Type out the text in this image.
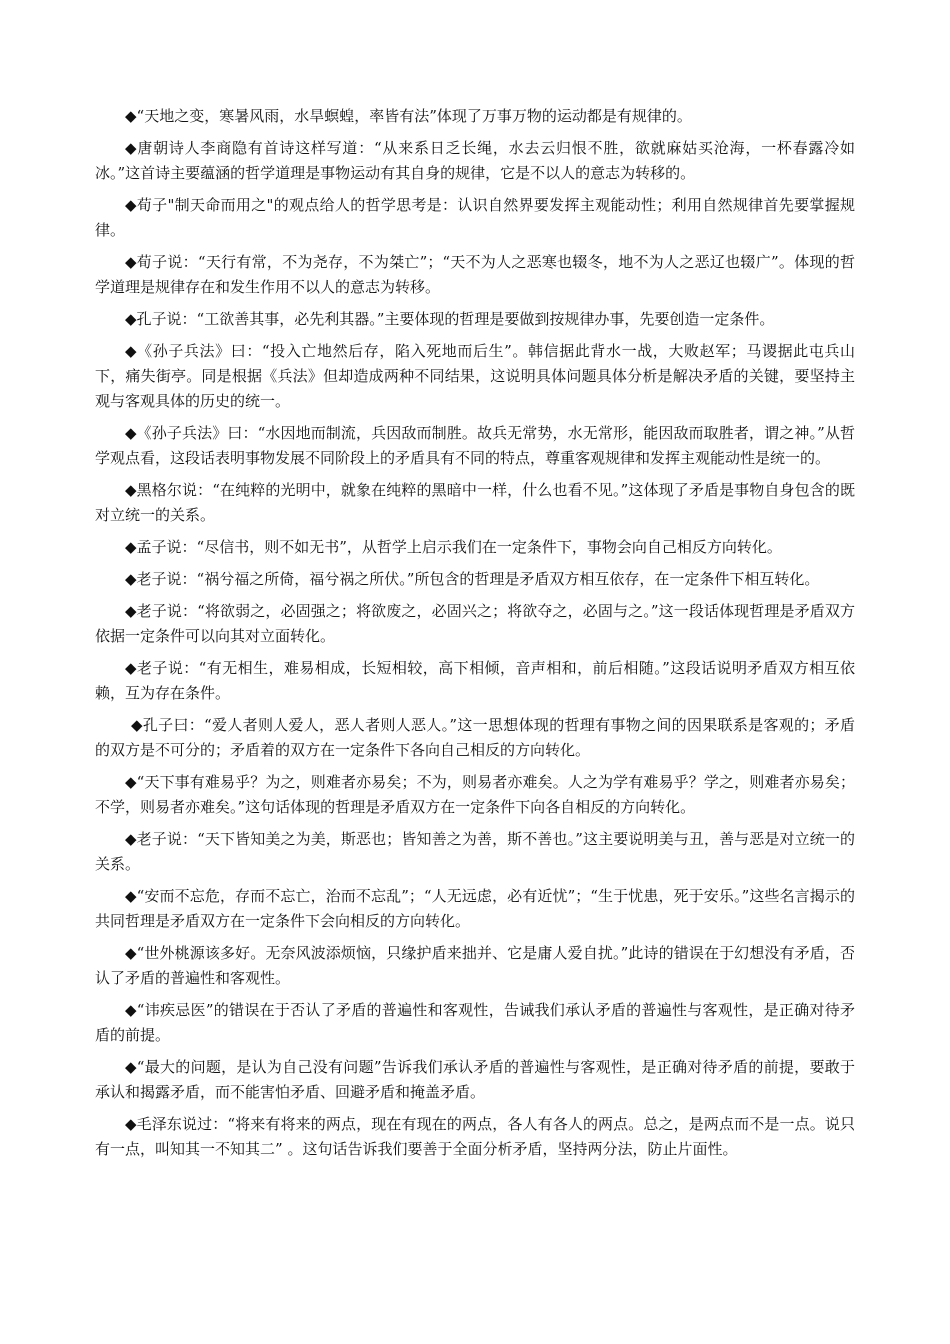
◆“天地之变，寒暑风雨，水旱螟蝗，率皆有法”体现了万事万物的运动都是有规律的。

◆唐朝诗人李商隐有首诗这样写道：“从来系日乏长绳，水去云归恨不胜，欲就麻姑买沧海，一杯春露冷如冰。”这首诗主要蕴涵的哲学道理是事物运动有其自身的规律，它是不以人的意志为转移的。

◆荀子"制天命而用之"的观点给人的哲学思考是：认识自然界要发挥主观能动性；利用自然规律首先要掌握规律。

◆荀子说：“天行有常，不为尧存，不为桀亡”；“天不为人之恶寒也辍冬，地不为人之恶辽也辍广”。体现的哲学道理是规律存在和发生作用不以人的意志为转移。

◆孔子说：“工欲善其事，必先利其器。”主要体现的哲理是要做到按规律办事，先要创造一定条件。

◆《孙子兵法》曰：“投入亡地然后存，陷入死地而后生”。韩信据此背水一战，大败赵军；马谡据此屯兵山下，痛失街亭。同是根据《兵法》但却造成两种不同结果，这说明具体问题具体分析是解决矛盾的关键，要坚持主观与客观具体的历史的统一。

◆《孙子兵法》曰：“水因地而制流，兵因敌而制胜。故兵无常势，水无常形，能因敌而取胜者，谓之神。”从哲学观点看，这段话表明事物发展不同阶段上的矛盾具有不同的特点，尊重客观规律和发挥主观能动性是统一的。

◆黑格尔说：“在纯粹的光明中，就象在纯粹的黑暗中一样，什么也看不见。”这体现了矛盾是事物自身包含的既对立统一的关系。

◆孟子说：“尽信书，则不如无书”，从哲学上启示我们在一定条件下，事物会向自己相反方向转化。

◆老子说：“祸兮福之所倚，福兮祸之所伏。”所包含的哲理是矛盾双方相互依存，在一定条件下相互转化。

◆老子说：“将欲弱之，必固强之；将欲废之，必固兴之；将欲夺之，必固与之。”这一段话体现哲理是矛盾双方依据一定条件可以向其对立面转化。

◆老子说：“有无相生，难易相成，长短相较，高下相倾，音声相和，前后相随。”这段话说明矛盾双方相互依赖，互为存在条件。

◆孔子曰：“爱人者则人爱人，恶人者则人恶人。”这一思想体现的哲理有事物之间的因果联系是客观的；矛盾的双方是不可分的；矛盾着的双方在一定条件下各向自己相反的方向转化。

◆“天下事有难易乎？为之，则难者亦易矣；不为，则易者亦难矣。人之为学有难易乎？学之，则难者亦易矣；不学，则易者亦难矣。”这句话体现的哲理是矛盾双方在一定条件下向各自相反的方向转化。

◆老子说：“天下皆知美之为美，斯恶也；皆知善之为善，斯不善也。”这主要说明美与丑，善与恶是对立统一的关系。

◆“安而不忘危，存而不忘亡，治而不忘乱”；“人无远虑，必有近忧”；“生于忧患，死于安乐。”这些名言揭示的共同哲理是矛盾双方在一定条件下会向相反的方向转化。

◆“世外桃源该多好。无奈风波添烦恼，只缘护盾来拙并、它是庸人爱自扰。”此诗的错误在于幻想没有矛盾，否认了矛盾的普遍性和客观性。

◆“讳疾忌医”的错误在于否认了矛盾的普遍性和客观性，告诫我们承认矛盾的普遍性与客观性，是正确对待矛盾的前提。

◆“最大的问题，是认为自己没有问题”告诉我们承认矛盾的普遍性与客观性，是正确对待矛盾的前提，要敢于承认和揭露矛盾，而不能害怕矛盾、回避矛盾和掩盖矛盾。

◆毛泽东说过：“将来有将来的两点，现在有现在的两点，各人有各人的两点。总之，是两点而不是一点。说只有一点，叫知其一不知其二” 。这句话告诉我们要善于全面分析矛盾，坚持两分法，防止片面性。
